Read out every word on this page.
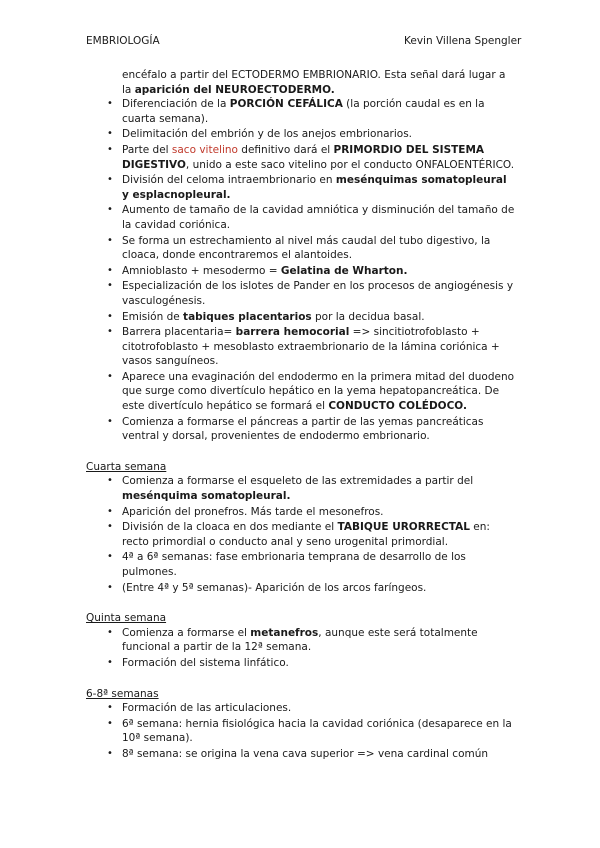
EMBRIOLOGÍA	Kevin Villena Spengler

encéfalo a partir del ECTODERMO EMBRIONARIO. Esta señal dará lugar a la aparición del NEUROECTODERMO.

• Diferenciación de la PORCIÓN CEFÁLICA (la porción caudal es en la cuarta semana).
• Delimitación del embrión y de los anejos embrionarios.
• Parte del saco vitelino definitivo dará el PRIMORDIO DEL SISTEMA DIGESTIVO, unido a este saco vitelino por el conducto ONFALOENTÉRICO.
• División del celoma intraembrionario en mesénquimas somatopleural y esplacnopleural.
• Aumento de tamaño de la cavidad amniótica y disminución del tamaño de la cavidad coriónica.
• Se forma un estrechamiento al nivel más caudal del tubo digestivo, la cloaca, donde encontraremos el alantoides.
• Amnioblasto + mesodermo = Gelatina de Wharton.
• Especialización de los islotes de Pander en los procesos de angiogénesis y vasculogénesis.
• Emisión de tabiques placentarios por la decidua basal.
• Barrera placentaria= barrera hemocorial => sincitiotrofoblasto + citotrofoblasto + mesoblasto extraembrionario de la lámina coriónica + vasos sanguíneos.
• Aparece una evaginación del endodermo en la primera mitad del duodeno que surge como divertículo hepático en la yema hepatopancreática. De este divertículo hepático se formará el CONDUCTO COLÉDOCO.
• Comienza a formarse el páncreas a partir de las yemas pancreáticas ventral y dorsal, provenientes de endodermo embrionario.
Cuarta semana
• Comienza a formarse el esqueleto de las extremidades a partir del mesénquima somatopleural.
• Aparición del pronefros. Más tarde el mesonefros.
• División de la cloaca en dos mediante el TABIQUE URORRECTAL en: recto primordial o conducto anal y seno urogenital primordial.
• 4ª a 6ª semanas: fase embrionaria temprana de desarrollo de los pulmones.
• (Entre 4ª y 5ª semanas)- Aparición de los arcos faríngeos.
Quinta semana
• Comienza a formarse el metanefros, aunque este será totalmente funcional a partir de la 12ª semana.
• Formación del sistema linfático.
6-8ª semanas
• Formación de las articulaciones.
• 6ª semana: hernia fisiológica hacia la cavidad coriónica (desaparece en la 10ª semana).
• 8ª semana: se origina la vena cava superior => vena cardinal común
